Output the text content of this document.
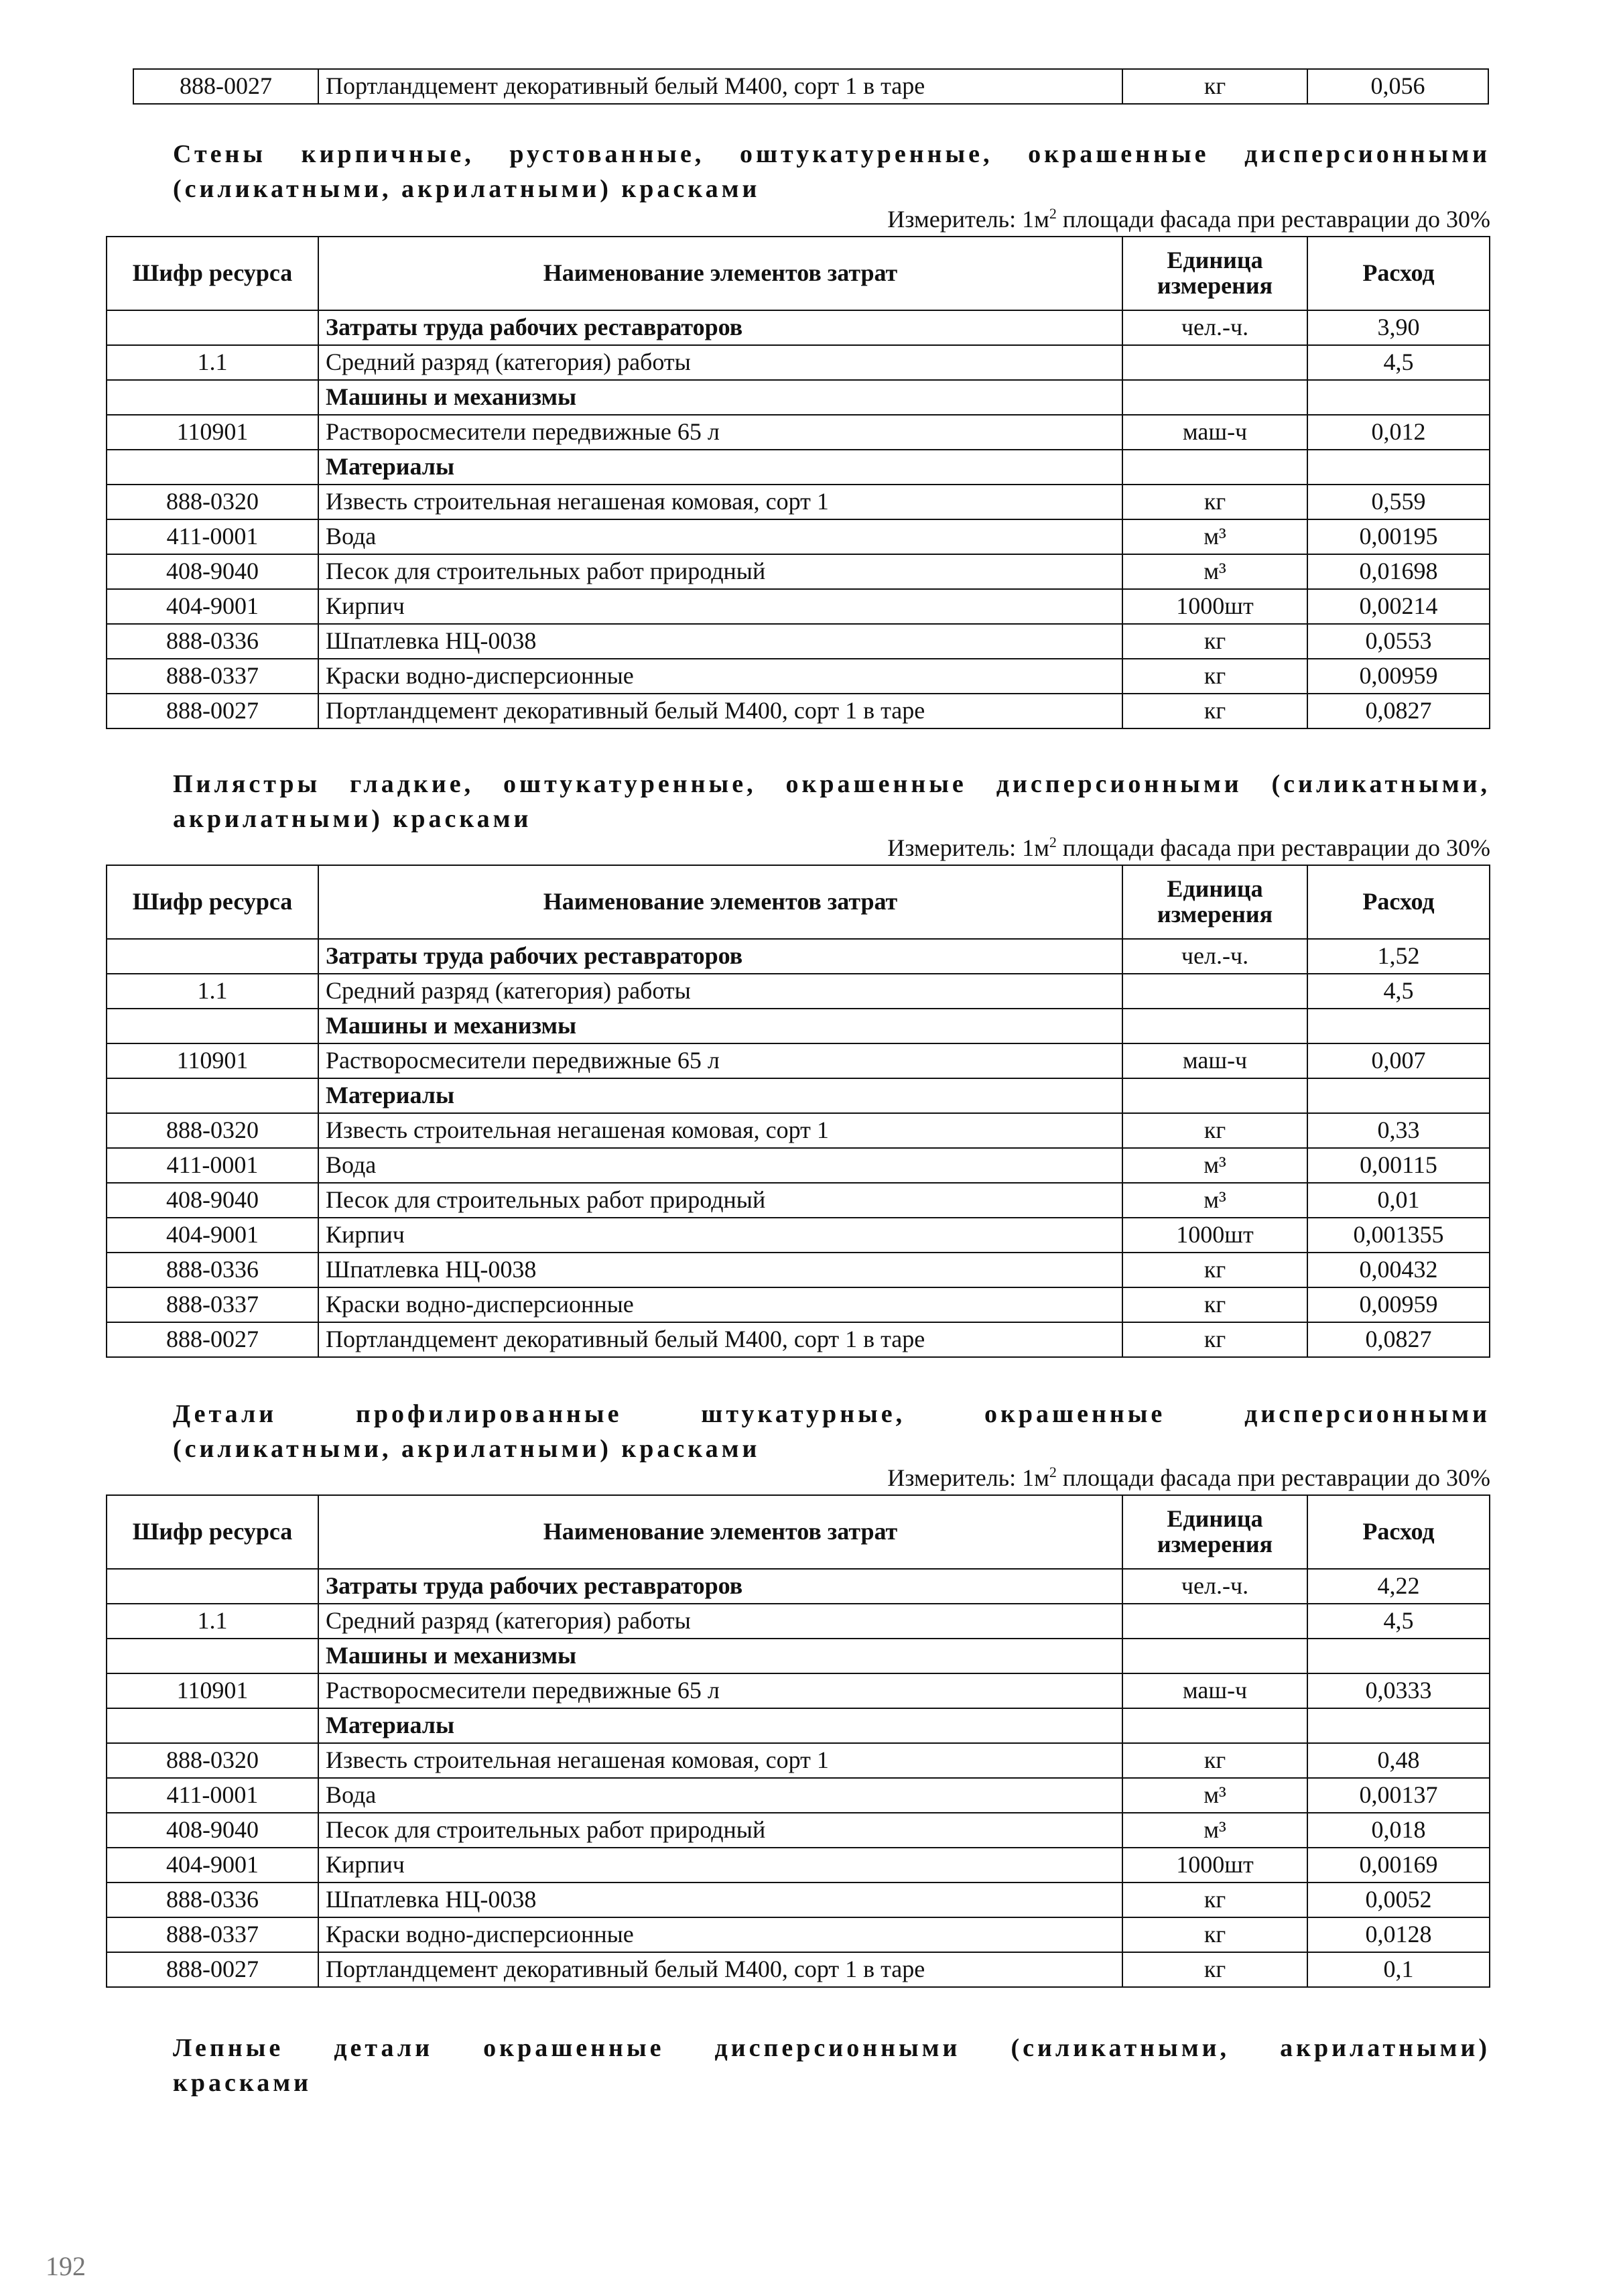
888-0027	Портландцемент декоративный белый М400, сорт 1 в таре	кг	0,056
Стены кирпичные, рустованные, оштукатуренные, окрашенные дисперсионными
(силикатными, акрилатными) красками
Измеритель: $1м^2$ площади фасада при реставрации до 30%
Шифр ресурса	Наименование элементов затрат	Единица измерения	Расход
	Затраты труда рабочих реставраторов	чел.-ч.	3,90
1.1	Средний разряд (категория) работы		4,5
	Машины и механизмы		
110901	Растворосмесители передвижные 65 л	маш-ч	0,012
	Материалы		
888-0320	Известь строительная негашеная комовая, сорт 1	кг	0,559
411-0001	Вода	м³	0,00195
408-9040	Песок для строительных работ природный	м³	0,01698
404-9001	Кирпич	1000шт	0,00214
888-0336	Шпатлевка НЦ-0038	кг	0,0553
888-0337	Краски водно-дисперсионные	кг	0,00959
888-0027	Портландцемент декоративный белый М400, сорт 1 в таре	кг	0,0827
Пилястры гладкие, оштукатуренные, окрашенные дисперсионными (силикатными,
акрилатными) красками
Измеритель: $1м^2$ площади фасада при реставрации до 30%
Шифр ресурса	Наименование элементов затрат	Единица измерения	Расход
	Затраты труда рабочих реставраторов	чел.-ч.	1,52
1.1	Средний разряд (категория) работы		4,5
	Машины и механизмы		
110901	Растворосмесители передвижные 65 л	маш-ч	0,007
	Материалы		
888-0320	Известь строительная негашеная комовая, сорт 1	кг	0,33
411-0001	Вода	м³	0,00115
408-9040	Песок для строительных работ природный	м³	0,01
404-9001	Кирпич	1000шт	0,001355
888-0336	Шпатлевка НЦ-0038	кг	0,00432
888-0337	Краски водно-дисперсионные	кг	0,00959
888-0027	Портландцемент декоративный белый М400, сорт 1 в таре	кг	0,0827
Детали профилированные штукатурные, окрашенные дисперсионными
(силикатными, акрилатными) красками
Измеритель: $1м^2$ площади фасада при реставрации до 30%
Шифр ресурса	Наименование элементов затрат	Единица измерения	Расход
	Затраты труда рабочих реставраторов	чел.-ч.	4,22
1.1	Средний разряд (категория) работы		4,5
	Машины и механизмы		
110901	Растворосмесители передвижные 65 л	маш-ч	0,0333
	Материалы		
888-0320	Известь строительная негашеная комовая, сорт 1	кг	0,48
411-0001	Вода	м³	0,00137
408-9040	Песок для строительных работ природный	м³	0,018
404-9001	Кирпич	1000шт	0,00169
888-0336	Шпатлевка НЦ-0038	кг	0,0052
888-0337	Краски водно-дисперсионные	кг	0,0128
888-0027	Портландцемент декоративный белый М400, сорт 1 в таре	кг	0,1
Лепные детали окрашенные дисперсионными (силикатными, акрилатными)
красками
192
